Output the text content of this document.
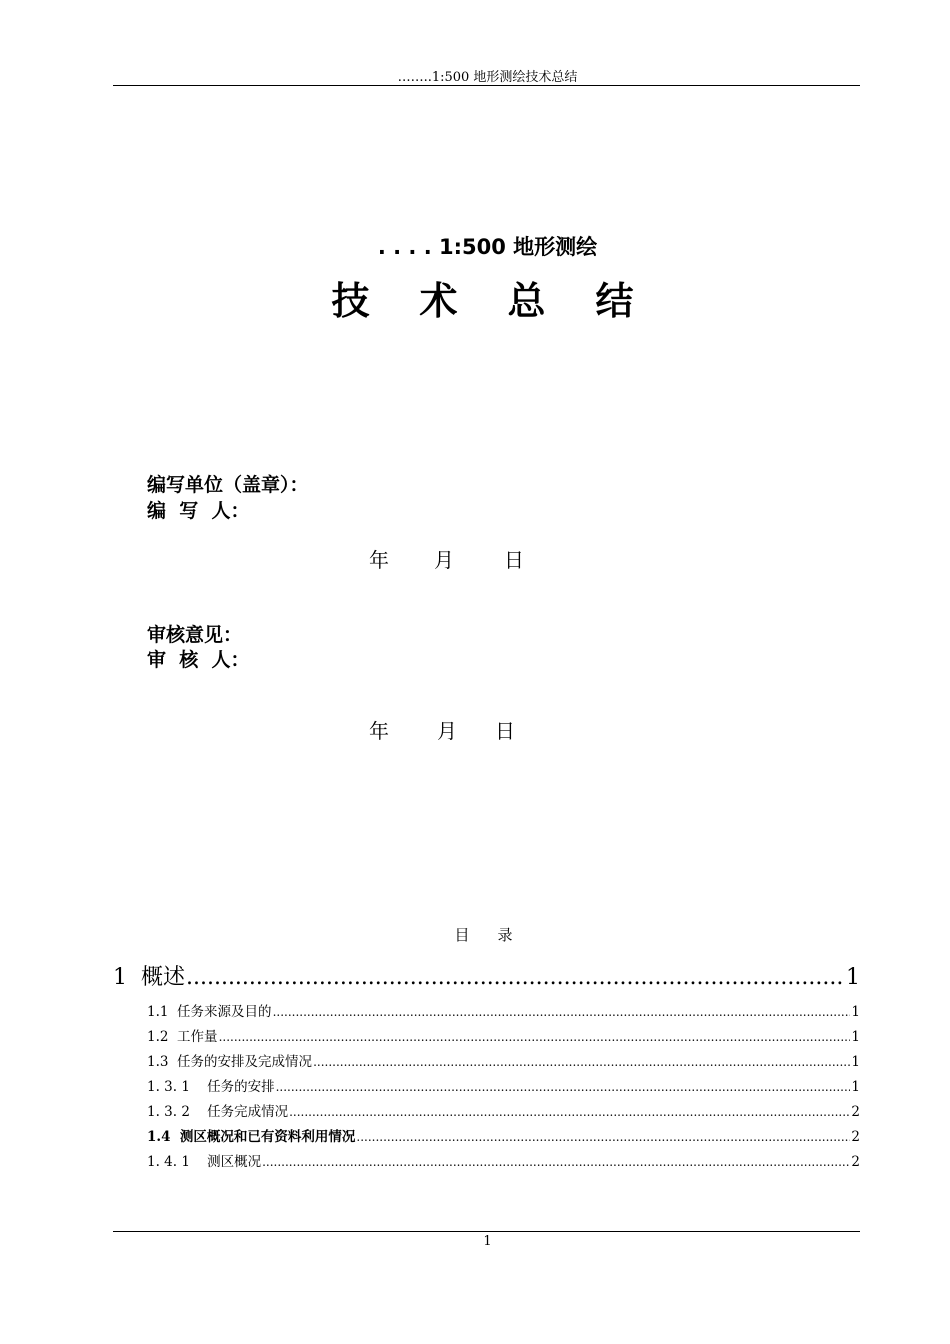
……..1:500 地形测绘技术总结
. . . . 1:500 地形测绘
技术总结
编写单位（盖章）：
编  写  人：
年 月	日
审核意见：
审  核  人：
年 月 日
目录
1  概述 .....	1
1.1  任务来源及目的 .....	1
1.2  工作量 .....	1
1.3  任务的安排及完成情况 .....	1
1. 3. 1    任务的安排 .....	1
1. 3. 2    任务完成情况 .....	2
1.4  测区概况和已有资料利用情况 .....	2
1. 4. 1    测区概况 .....	2
1
